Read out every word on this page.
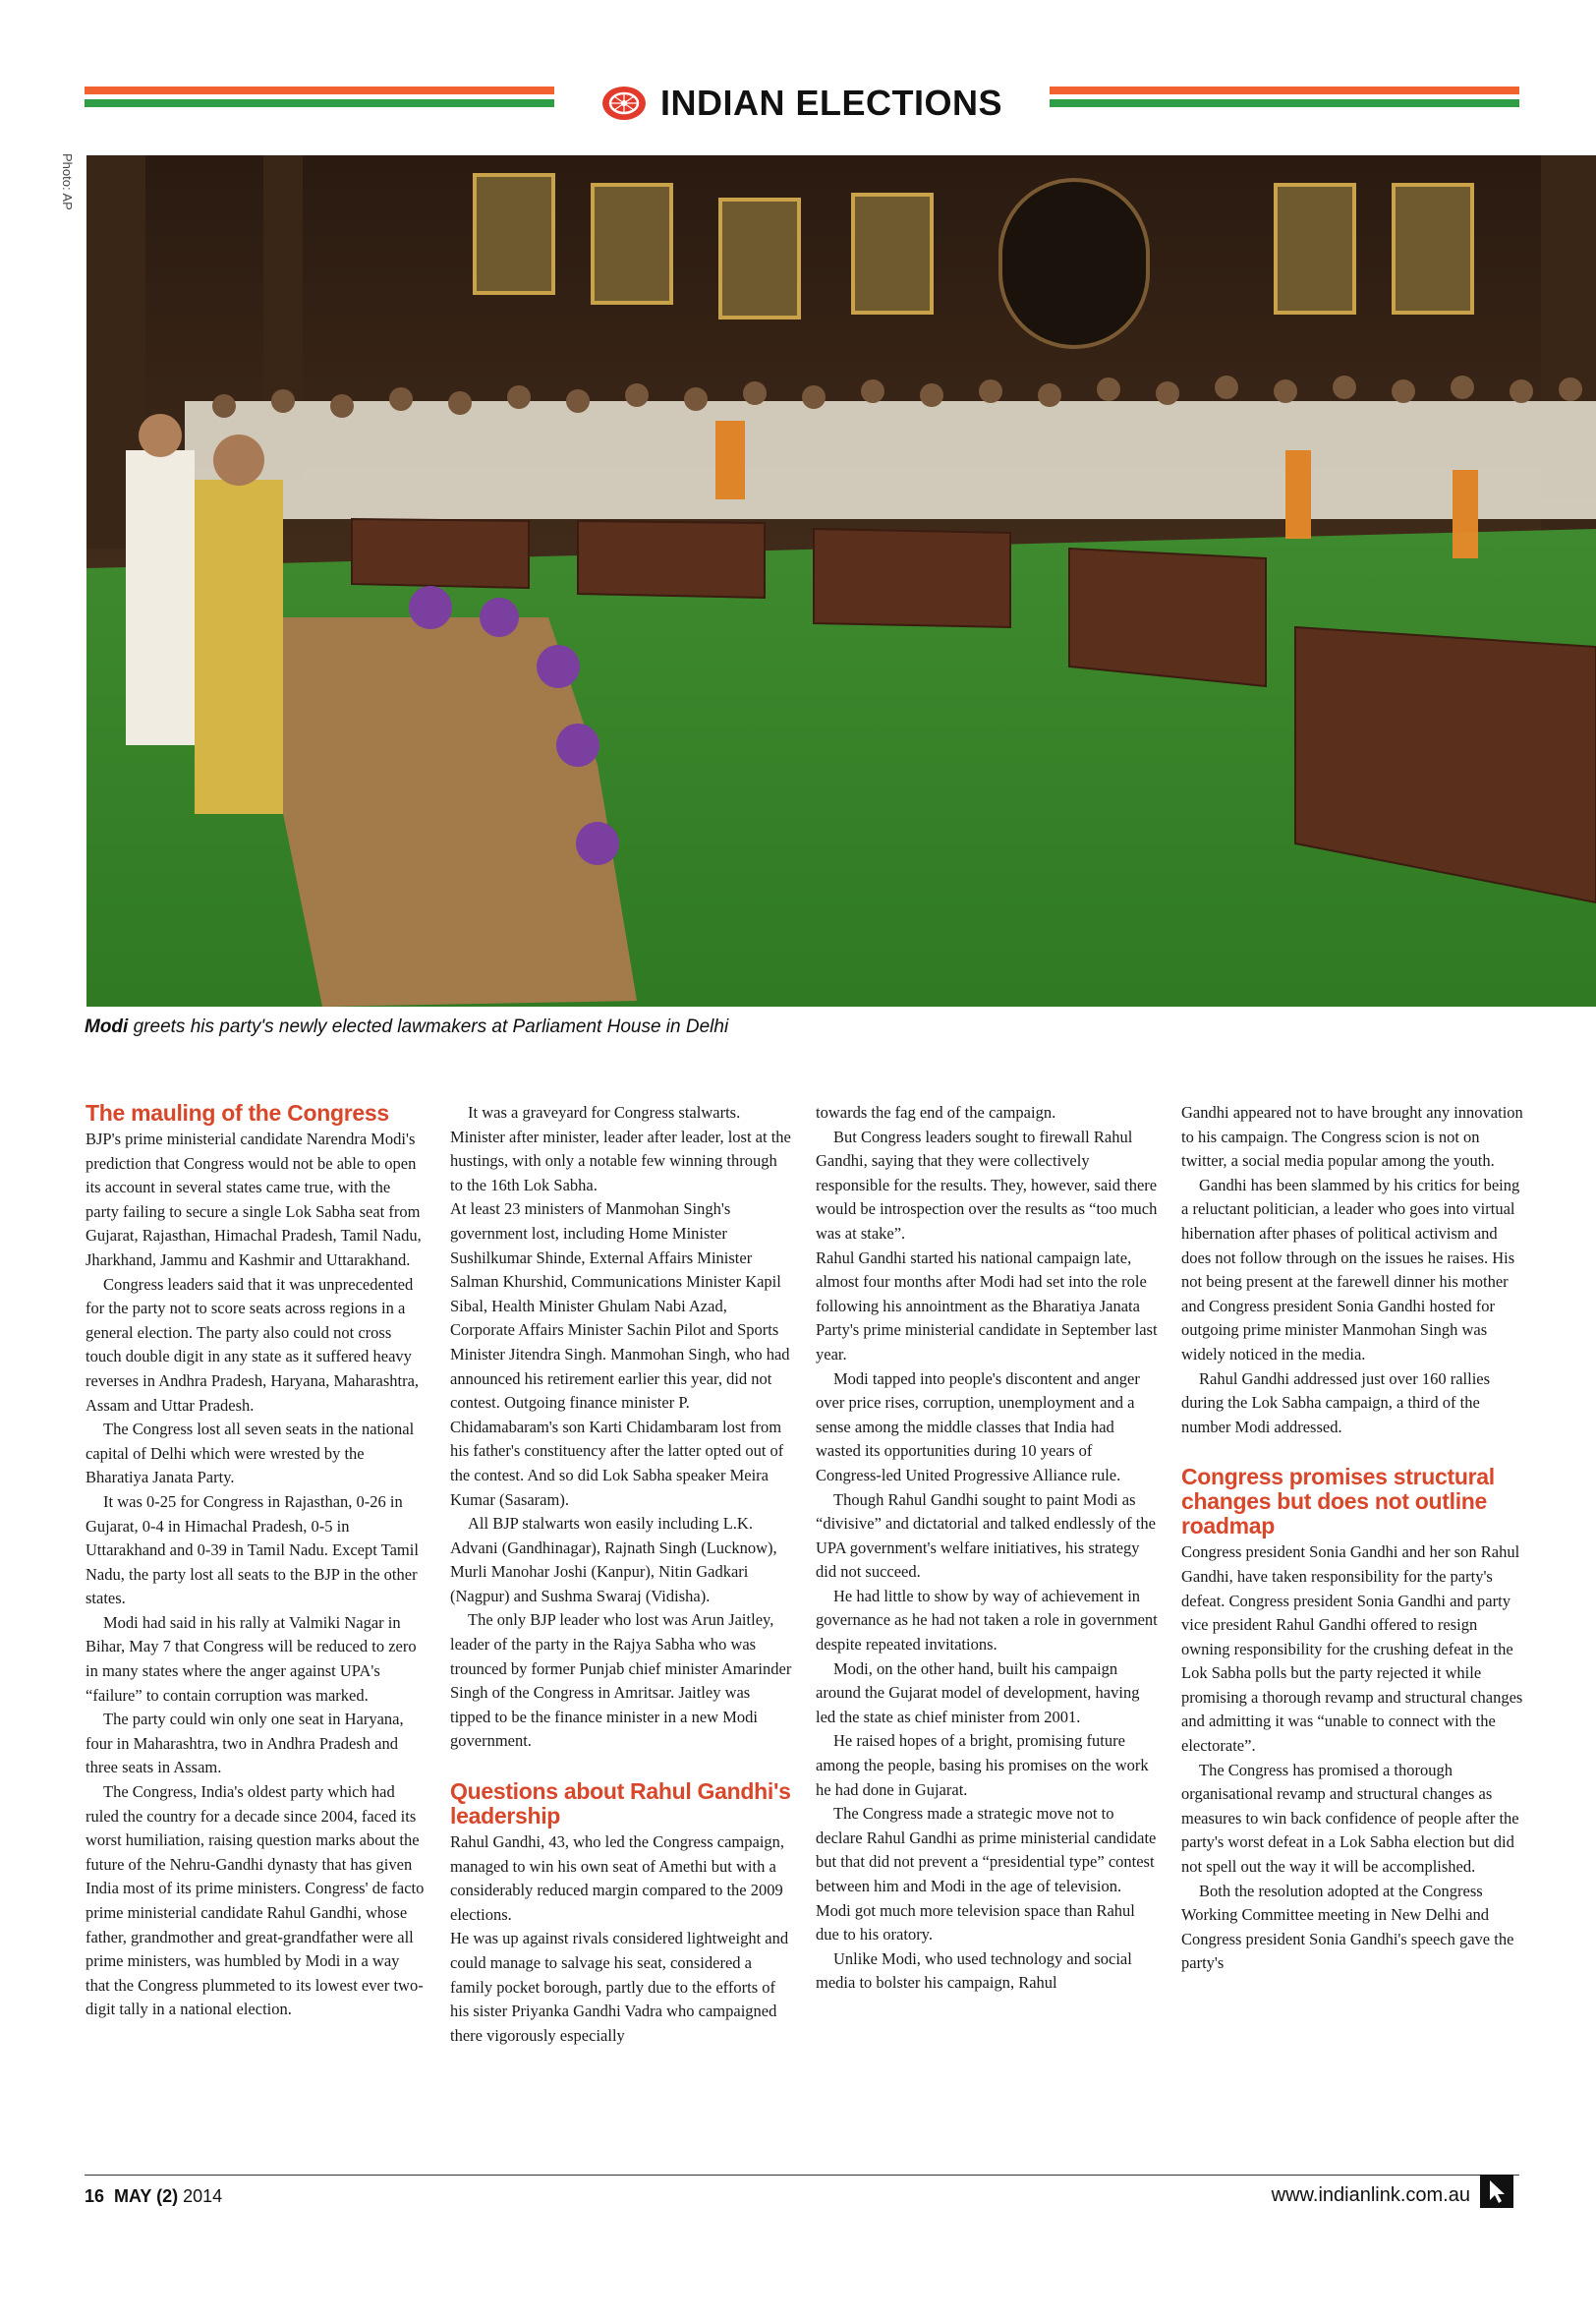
INDIAN ELECTIONS
Photo: AP
Modi greets his party's newly elected lawmakers at Parliament House in Delhi
The mauling of the Congress

BJP's prime ministerial candidate Narendra Modi's prediction that Congress would not be able to open its account in several states came true, with the party failing to secure a single Lok Sabha seat from Gujarat, Rajasthan, Himachal Pradesh, Tamil Nadu, Jharkhand, Jammu and Kashmir and Uttarakhand.

Congress leaders said that it was unprecedented for the party not to score seats across regions in a general election. The party also could not cross touch double digit in any state as it suffered heavy reverses in Andhra Pradesh, Haryana, Maharashtra, Assam and Uttar Pradesh.

The Congress lost all seven seats in the national capital of Delhi which were wrested by the Bharatiya Janata Party.

It was 0-25 for Congress in Rajasthan, 0-26 in Gujarat, 0-4 in Himachal Pradesh, 0-5 in Uttarakhand and 0-39 in Tamil Nadu. Except Tamil Nadu, the party lost all seats to the BJP in the other states.

Modi had said in his rally at Valmiki Nagar in Bihar, May 7 that Congress will be reduced to zero in many states where the anger against UPA's “failure” to contain corruption was marked.

The party could win only one seat in Haryana, four in Maharashtra, two in Andhra Pradesh and three seats in Assam.

The Congress, India's oldest party which had ruled the country for a decade since 2004, faced its worst humiliation, raising question marks about the future of the Nehru-Gandhi dynasty that has given India most of its prime ministers. Congress' de facto prime ministerial candidate Rahul Gandhi, whose father, grandmother and great-grandfather were all prime ministers, was humbled by Modi in a way that the Congress plummeted to its lowest ever two-digit tally in a national election.

It was a graveyard for Congress stalwarts. Minister after minister, leader after leader, lost at the hustings, with only a notable few winning through to the 16th Lok Sabha.

At least 23 ministers of Manmohan Singh's government lost, including Home Minister Sushilkumar Shinde, External Affairs Minister Salman Khurshid, Communications Minister Kapil Sibal, Health Minister Ghulam Nabi Azad, Corporate Affairs Minister Sachin Pilot and Sports Minister Jitendra Singh. Manmohan Singh, who had announced his retirement earlier this year, did not contest. Outgoing finance minister P. Chidamabaram's son Karti Chidambaram lost from his father's constituency after the latter opted out of the contest. And so did Lok Sabha speaker Meira Kumar (Sasaram).

All BJP stalwarts won easily including L.K. Advani (Gandhinagar), Rajnath Singh (Lucknow), Murli Manohar Joshi (Kanpur), Nitin Gadkari (Nagpur) and Sushma Swaraj (Vidisha).

The only BJP leader who lost was Arun Jaitley, leader of the party in the Rajya Sabha who was trounced by former Punjab chief minister Amarinder Singh of the Congress in Amritsar. Jaitley was tipped to be the finance minister in a new Modi government.

Questions about Rahul Gandhi's leadership

Rahul Gandhi, 43, who led the Congress campaign, managed to win his own seat of Amethi but with a considerably reduced margin compared to the 2009 elections.

He was up against rivals considered lightweight and could manage to salvage his seat, considered a family pocket borough, partly due to the efforts of his sister Priyanka Gandhi Vadra who campaigned there vigorously especially

towards the fag end of the campaign.

But Congress leaders sought to firewall Rahul Gandhi, saying that they were collectively responsible for the results. They, however, said there would be introspection over the results as “too much was at stake”.

Rahul Gandhi started his national campaign late, almost four months after Modi had set into the role following his annointment as the Bharatiya Janata Party's prime ministerial candidate in September last year.

Modi tapped into people's discontent and anger over price rises, corruption, unemployment and a sense among the middle classes that India had wasted its opportunities during 10 years of Congress-led United Progressive Alliance rule.

Though Rahul Gandhi sought to paint Modi as “divisive” and dictatorial and talked endlessly of the UPA government's welfare initiatives, his strategy did not succeed.

He had little to show by way of achievement in governance as he had not taken a role in government despite repeated invitations.

Modi, on the other hand, built his campaign around the Gujarat model of development, having led the state as chief minister from 2001.

He raised hopes of a bright, promising future among the people, basing his promises on the work he had done in Gujarat.

The Congress made a strategic move not to declare Rahul Gandhi as prime ministerial candidate but that did not prevent a “presidential type” contest between him and Modi in the age of television. Modi got much more television space than Rahul due to his oratory.

Unlike Modi, who used technology and social media to bolster his campaign, Rahul

Gandhi appeared not to have brought any innovation to his campaign. The Congress scion is not on twitter, a social media popular among the youth.

Gandhi has been slammed by his critics for being a reluctant politician, a leader who goes into virtual hibernation after phases of political activism and does not follow through on the issues he raises. His not being present at the farewell dinner his mother and Congress president Sonia Gandhi hosted for outgoing prime minister Manmohan Singh was widely noticed in the media.

Rahul Gandhi addressed just over 160 rallies during the Lok Sabha campaign, a third of the number Modi addressed.

Congress promises structural changes but does not outline roadmap

Congress president Sonia Gandhi and her son Rahul Gandhi, have taken responsibility for the party's defeat. Congress president Sonia Gandhi and party vice president Rahul Gandhi offered to resign owning responsibility for the crushing defeat in the Lok Sabha polls but the party rejected it while promising a thorough revamp and structural changes and admitting it was “unable to connect with the electorate”.

The Congress has promised a thorough organisational revamp and structural changes as measures to win back confidence of people after the party's worst defeat in a Lok Sabha election but did not spell out the way it will be accomplished.

Both the resolution adopted at the Congress Working Committee meeting in New Delhi and Congress president Sonia Gandhi's speech gave the party's

16 MAY (2) 2014	www.indianlink.com.au
